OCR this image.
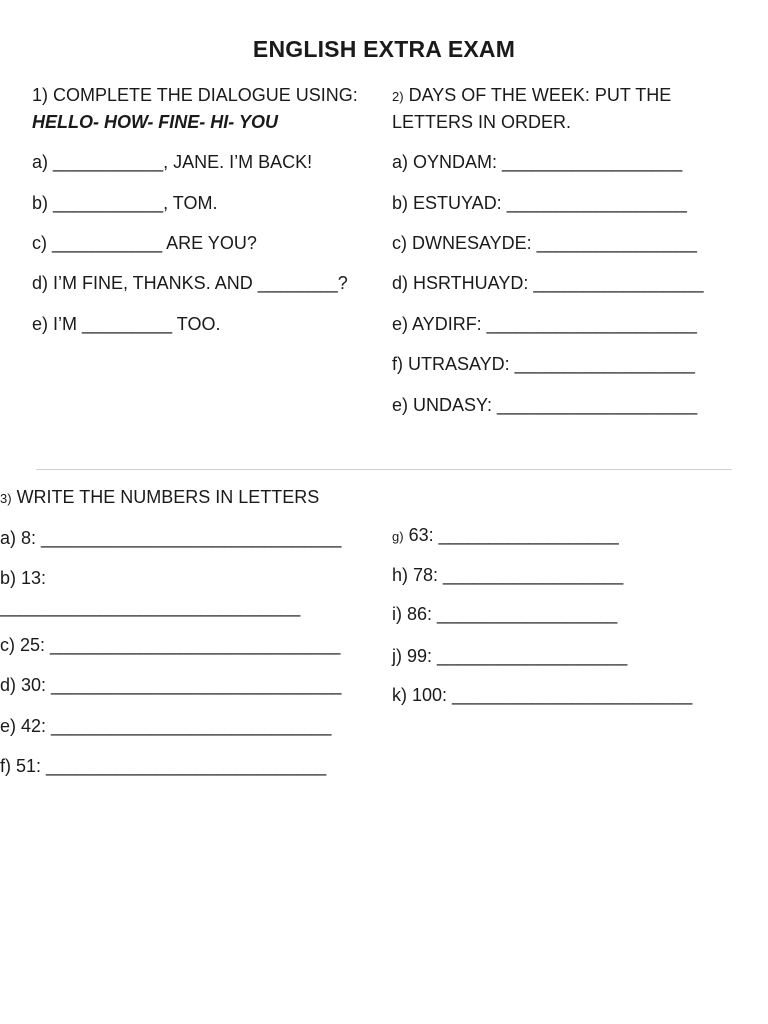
ENGLISH EXTRA EXAM
1) COMPLETE THE DIALOGUE USING:
HELLO- HOW- FINE- HI- YOU
a) ___________, JANE. I’M BACK!
b) ___________, TOM.
c) ___________ ARE YOU?
d) I’M FINE, THANKS. AND ________?
e) I’M _________ TOO.
2) DAYS OF THE WEEK: PUT THE
LETTERS IN ORDER.
a) OYNDAM: __________________
b) ESTUYAD: __________________
c) DWNESAYDE: ________________
d) HSRTHUAYD: _________________
e) AYDIRF: _____________________
f) UTRASAYD: __________________
e) UNDASY: ____________________
3) WRITE THE NUMBERS IN LETTERS
a) 8: ______________________________
b) 13:
______________________________
c) 25: _____________________________
d) 30: _____________________________
e) 42: ____________________________
f) 51: ____________________________
g) 63: __________________
h) 78: __________________
i) 86: __________________
j) 99: ___________________
k) 100: ________________________
